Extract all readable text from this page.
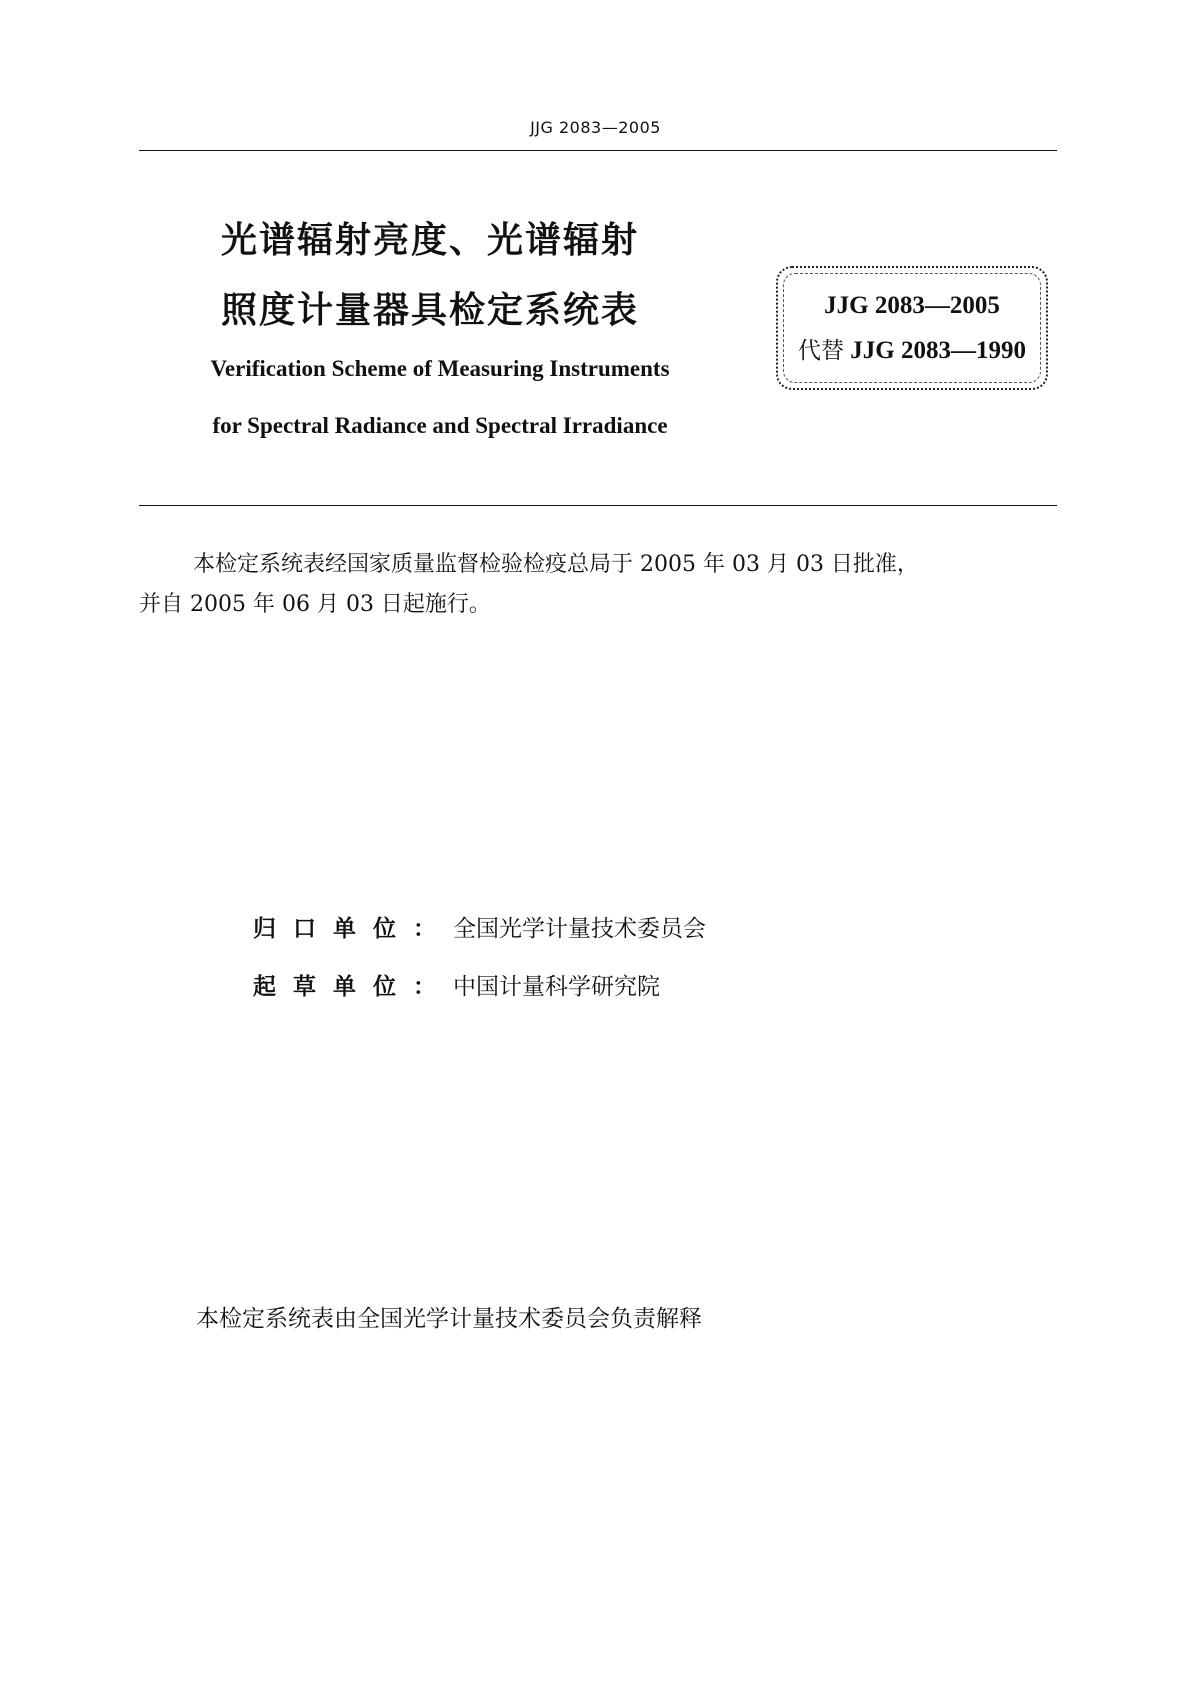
JJG 2083—2005
光谱辐射亮度、光谱辐射
照度计量器具检定系统表
Verification Scheme of Measuring Instruments
for Spectral Radiance and Spectral Irradiance
JJG 2083—2005
代替 JJG 2083—1990
本检定系统表经国家质量监督检验检疫总局于 2005 年 03 月 03 日批准，
并自 2005 年 06 月 03 日起施行。
归口单位：全国光学计量技术委员会
起草单位：中国计量科学研究院
本检定系统表由全国光学计量技术委员会负责解释
